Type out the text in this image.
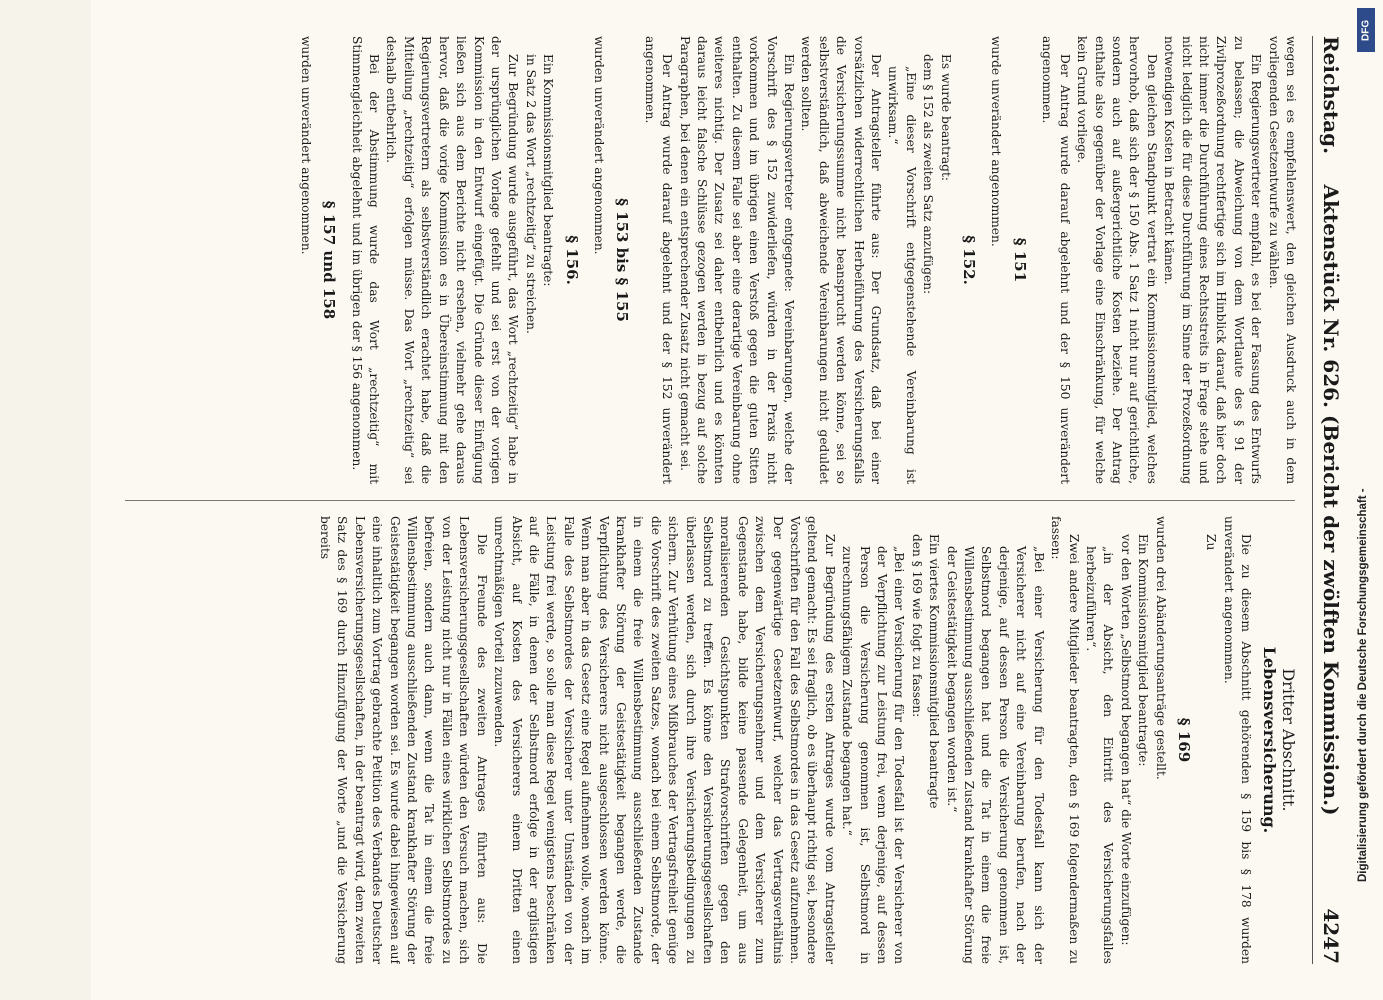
Reichstag.
Aktenstück Nr. 626. (Bericht der zwölften Kommission.)
4247

wegen sei es empfehlenswert, den gleichen Ausdruck auch in dem vorliegenden Gesetzentwurfe zu wählen.

Ein Regierungsvertreter empfahl, es bei der Fassung des Entwurfs zu belassen; die Abweichung von dem Wortlaute des § 91 der Zivilprozeßordnung rechtfertige sich im Hinblick darauf, daß hier doch nicht immer die Durchführung eines Rechtsstreits in Frage stehe und nicht lediglich die für diese Durchführung im Sinne der Prozeßordnung notwendigen Kosten in Betracht kämen.

Den gleichen Standpunkt vertrat ein Kommissionsmitglied, welches hervorhob, daß sich der § 150 Abs. 1 Satz 1 nicht nur auf gerichtliche, sondern auch auf außergerichtliche Kosten beziehe. Der Antrag enthalte also gegenüber der Vorlage eine Einschränkung, für welche kein Grund vorliege.

Der Antrag wurde darauf abgelehnt und der § 150 unverändert angenommen.

§ 151

wurde unverändert angenommen.

§ 152.

Es wurde beantragt:

dem § 152 als zweiten Satz anzufügen:

„Eine dieser Vorschrift entgegenstehende Vereinbarung ist unwirksam.“

Der Antragsteller führte aus: Der Grundsatz, daß bei einer vorsätzlichen widerrechtlichen Herbeiführung des Versicherungsfalls die Versicherungssumme nicht beansprucht werden könne, sei so selbstverständlich, daß abweichende Vereinbarungen nicht geduldet werden sollten.

Ein Regierungsvertreter entgegnete: Vereinbarungen, welche der Vorschrift des § 152 zuwiderliefen, würden in der Praxis nicht vorkommen und im übrigen einen Verstoß gegen die guten Sitten enthalten. Zu diesem Falle sei aber eine derartige Vereinbarung ohne weiteres nichtig. Der Zusatz sei daher entbehrlich und es könnten daraus leicht falsche Schlüsse gezogen werden in bezug auf solche Paragraphen, bei denen ein entsprechender Zusatz nicht gemacht sei.

Der Antrag wurde darauf abgelehnt und der § 152 unverändert angenommen.

§ 153 bis § 155

wurden unverändert angenommen.

§ 156.

Ein Kommissionsmitglied beantragte:

in Satz 2 das Wort „rechtzeitig“ zu streichen.

Zur Begründung wurde ausgeführt, das Wort „rechtzeitig“ habe in der ursprünglichen Vorlage gefehlt und sei erst von der vorigen Kommission in den Entwurf eingefügt. Die Gründe dieser Einfügung ließen sich aus dem Berichte nicht ersehen, vielmehr gehe daraus hervor, daß die vorige Kommission es in Übereinstimmung mit den Regierungsvertretern als selbstverständlich erachtet habe, daß die Mitteilung „rechtzeitig“ erfolgen müsse. Das Wort „rechtzeitig“ sei deshalb entbehrlich.

Bei der Abstimmung wurde das Wort „rechtzeitig“ mit Stimmengleichheit abgelehnt und im übrigen der § 156 angenommen.

§ 157 und 158

wurden unverändert angenommen.

Dritter Abschnitt.
Lebensversicherung.

Die zu diesem Abschnitt gehörenden § 159 bis § 178 wurden unverändert angenommen.

Zu

§ 169

wurden drei Abänderungsanträge gestellt.

Ein Kommissionsmitglied beantragte:

vor den Worten „Selbstmord begangen hat“ die Worte einzufügen:

„in der Absicht, den Eintritt des Versicherungsfalles herbeizuführen“.

Zwei andere Mitglieder beantragten, den § 169 folgendermaßen zu fassen:

„Bei einer Versicherung für den Todesfall kann sich der Versicherer nicht auf eine Vereinbarung berufen, nach der derjenige, auf dessen Person die Versicherung genommen ist, Selbstmord begangen hat und die Tat in einem die freie Willensbestimmung ausschließenden Zustand krankhafter Störung der Geistestätigkeit begangen worden ist.“

Ein viertes Kommissionsmitglied beantragte

den § 169 wie folgt zu fassen:

„Bei einer Versicherung für den Todesfall ist der Versicherer von der Verpflichtung zur Leistung frei, wenn derjenige, auf dessen Person die Versicherung genommen ist, Selbstmord in zurechnungsfähigem Zustande begangen hat.“

Zur Begründung des ersten Antrages wurde vom Antragsteller geltend gemacht: Es sei fraglich, ob es überhaupt richtig sei, besondere Vorschriften für den Fall des Selbstmordes in das Gesetz aufzunehmen. Der gegenwärtige Gesetzentwurf, welcher das Vertragsverhältnis zwischen dem Versicherungsnehmer und dem Versicherer zum Gegenstande habe, bilde keine passende Gelegenheit, um aus moralisierenden Gesichtspunkten Strafvorschriften gegen den Selbstmord zu treffen. Es könne den Versicherungsgesellschaften überlassen werden, sich durch ihre Versicherungsbedingungen zu sichern. Zur Verhütung eines Mißbrauches der Vertragsfreiheit genüge die Vorschrift des zweiten Satzes, wonach bei einem Selbstmorde, der in einem die freie Willensbestimmung ausschließenden Zustande krankhafter Störung der Geistestätigkeit begangen werde, die Verpflichtung des Versicherers nicht ausgeschlossen werden könne. Wenn man aber in das Gesetz eine Regel aufnehmen wolle, wonach im Falle des Selbstmordes der Versicherer unter Umständen von der Leistung frei werde, so solle man diese Regel wenigstens beschränken auf die Fälle, in denen der Selbstmord erfolge in der arglistigen Absicht, auf Kosten des Versicherers einem Dritten einen unrechtmäßigen Vorteil zuzuwenden.

Die Freunde des zweiten Antrages führten aus: Die Lebensversicherungsgesellschaften würden den Versuch machen, sich von der Leistung nicht nur in Fällen eines wirklichen Selbstmordes zu befreien, sondern auch dann, wenn die Tat in einem die freie Willensbestimmung ausschließenden Zustand krankhafter Störung der Geistestätigkeit begangen worden sei. Es wurde dabei hingewiesen auf eine inhaltlich zum Vortrag gebrachte Petition des Verbandes Deutscher Lebensversicherungsgesellschaften, in der beantragt wird, dem zweiten Satz des § 169 durch Hinzufügung der Worte „und die Versicherung bereits

DFG
Digitalisierung gefördert durch die Deutsche Forschungsgemeinschaft -
